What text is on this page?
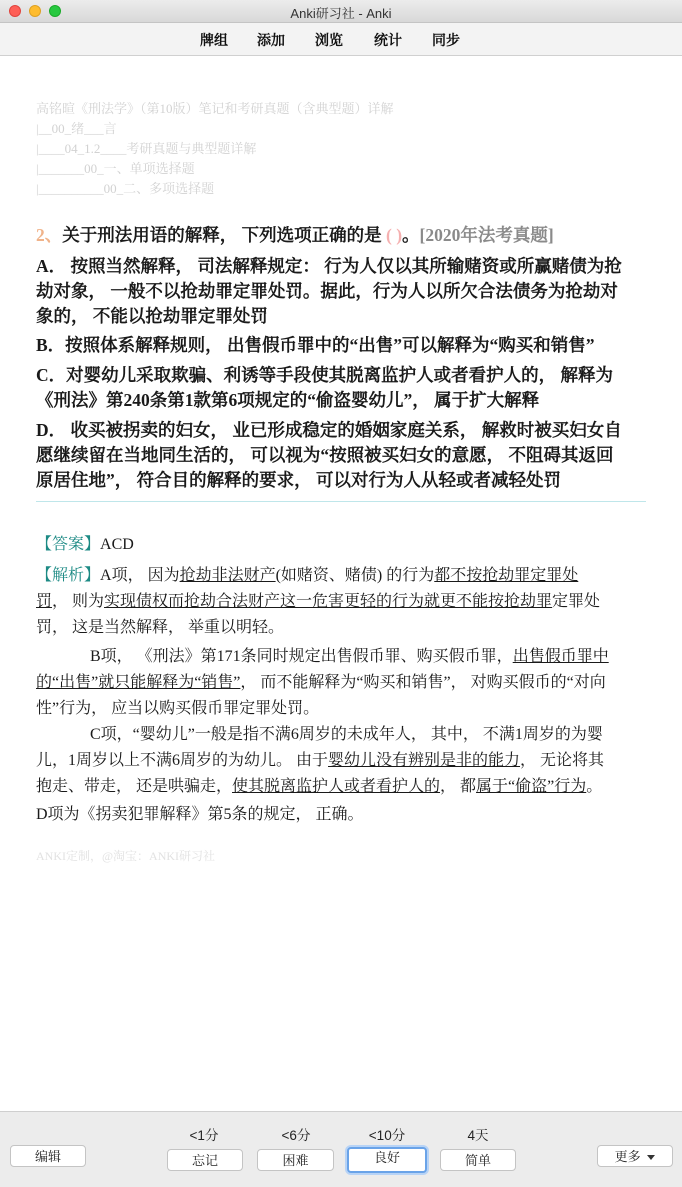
Anki研习社 - Anki
牌组 添加 浏览 统计 同步
高铭暄《刑法学》（第10版）笔记和考研真题（含典型题）详解
|__00_绪___言
|____04_1.2____考研真题与典型题详解
|_______00_一、单项选择题
|__________00_二、多项选择题
2、关于刑法用语的解释， 下列选项正确的是 ( )。[2020年法考真题]
A． 按照当然解释， 司法解释规定： 行为人仅以其所输赌资或所赢赌债为抢
劫对象， 一般不以抢劫罪定罪处罚。据此，行为人以所欠合法债务为抢劫对
象的， 不能以抢劫罪定罪处罚
B．按照体系解释规则， 出售假币罪中的“出售”可以解释为“购买和销售”
C．对婴幼儿采取欺骗、利诱等手段使其脱离监护人或者看护人的， 解释为
《刑法》第240条第1款第6项规定的“偷盗婴幼儿”， 属于扩大解释
D． 收买被拐卖的妇女， 业已形成稳定的婚姻家庭关系， 解救时被买妇女自
愿继续留在当地同生活的， 可以视为“按照被买妇女的意愿， 不阻碍其返回
原居住地”， 符合目的解释的要求， 可以对行为人从轻或者减轻处罚
【答案】ACD
【解析】A项， 因为抢劫非法财产(如赌资、赌债) 的行为都不按抢劫罪定罪处
罚， 则为实现债权而抢劫合法财产这一危害更轻的行为就更不能按抢劫罪定罪处
罚， 这是当然解释， 举重以明轻。
B项， 《刑法》第171条同时规定出售假币罪、购买假币罪，出售假币罪中
的“出售”就只能解释为“销售”， 而不能解释为“购买和销售”， 对购买假币的“对向
性”行为， 应当以购买假币罪定罪处罚。
C项，“婴幼儿”一般是指不满6周岁的未成年人， 其中， 不满1周岁的为婴
儿，1周岁以上不满6周岁的为幼儿。 由于婴幼儿没有辨别是非的能力， 无论将其
抱走、带走， 还是哄骗走，使其脱离监护人或者看护人的， 都属于“偷盗”行为。
D项为《拐卖犯罪解释》第5条的规定， 正确。
ANKI定制，@淘宝：ANKI研习社
编辑
<1分	<6分	<10分	4天
忘记	困难	良好	简单	更多
